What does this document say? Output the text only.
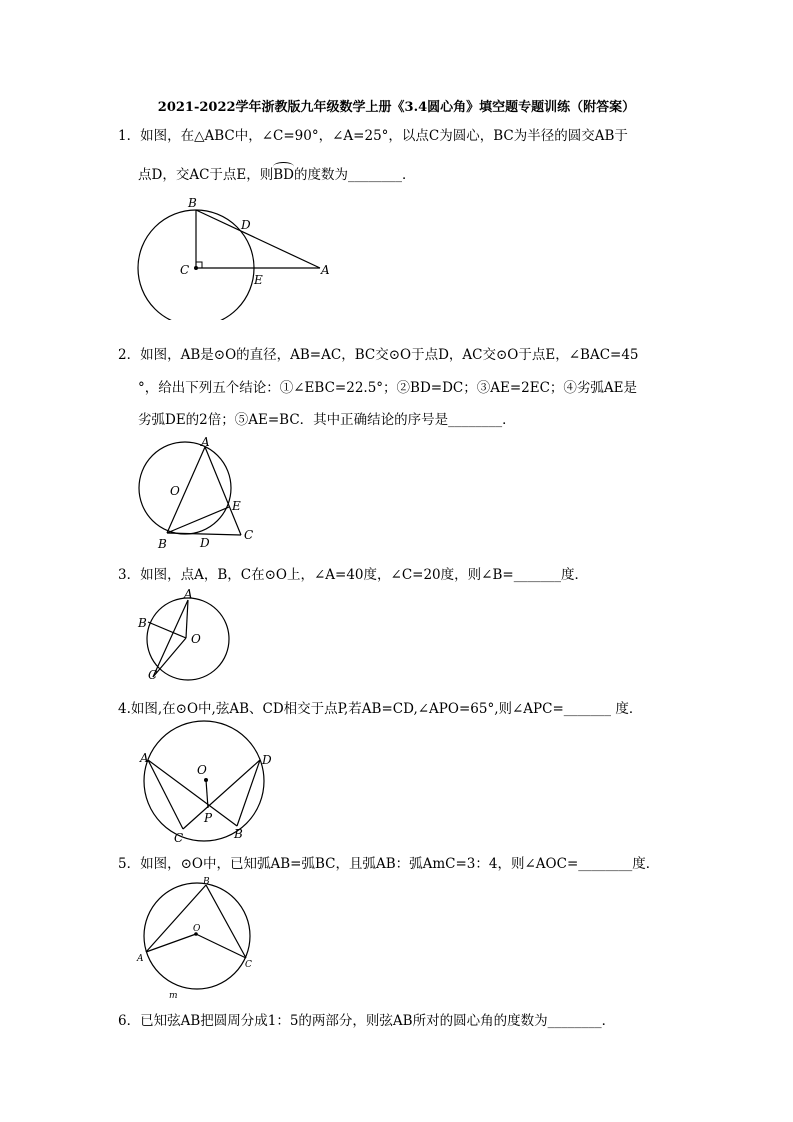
2021-2022学年浙教版九年级数学上册《3.4圆心角》填空题专题训练（附答案）
1．如图，在△ABC中，∠C=90°，∠A=25°，以点C为圆心，BC为半径的圆交AB于
点D，交AC于点E，则BD的度数为________．
B
D
C
E
A
2．如图，AB是⊙O的直径，AB=AC，BC交⊙O于点D，AC交⊙O于点E，∠BAC=45
°，给出下列五个结论：①∠EBC=22.5°；②BD=DC；③AE=2EC；④劣弧AE是
劣弧DE的2倍；⑤AE=BC．其中正确结论的序号是________．
A
O
E
B	D
C
3．如图，点A，B，C在⊙O上，∠A=40度，∠C=20度，则∠B=_______度．
A
B
O
C
4.如图,在⊙O中,弦AB、CD相交于点P,若AB=CD,∠APO=65°,则∠APC=_______ 度．
A
O
D
P
C	B
5．如图，⊙O中，已知弧AB=弧BC，且弧AB：弧AmC=3：4，则∠AOC=________度．
B
O
A
C
m
6．已知弦AB把圆周分成1：5的两部分，则弦AB所对的圆心角的度数为________．
